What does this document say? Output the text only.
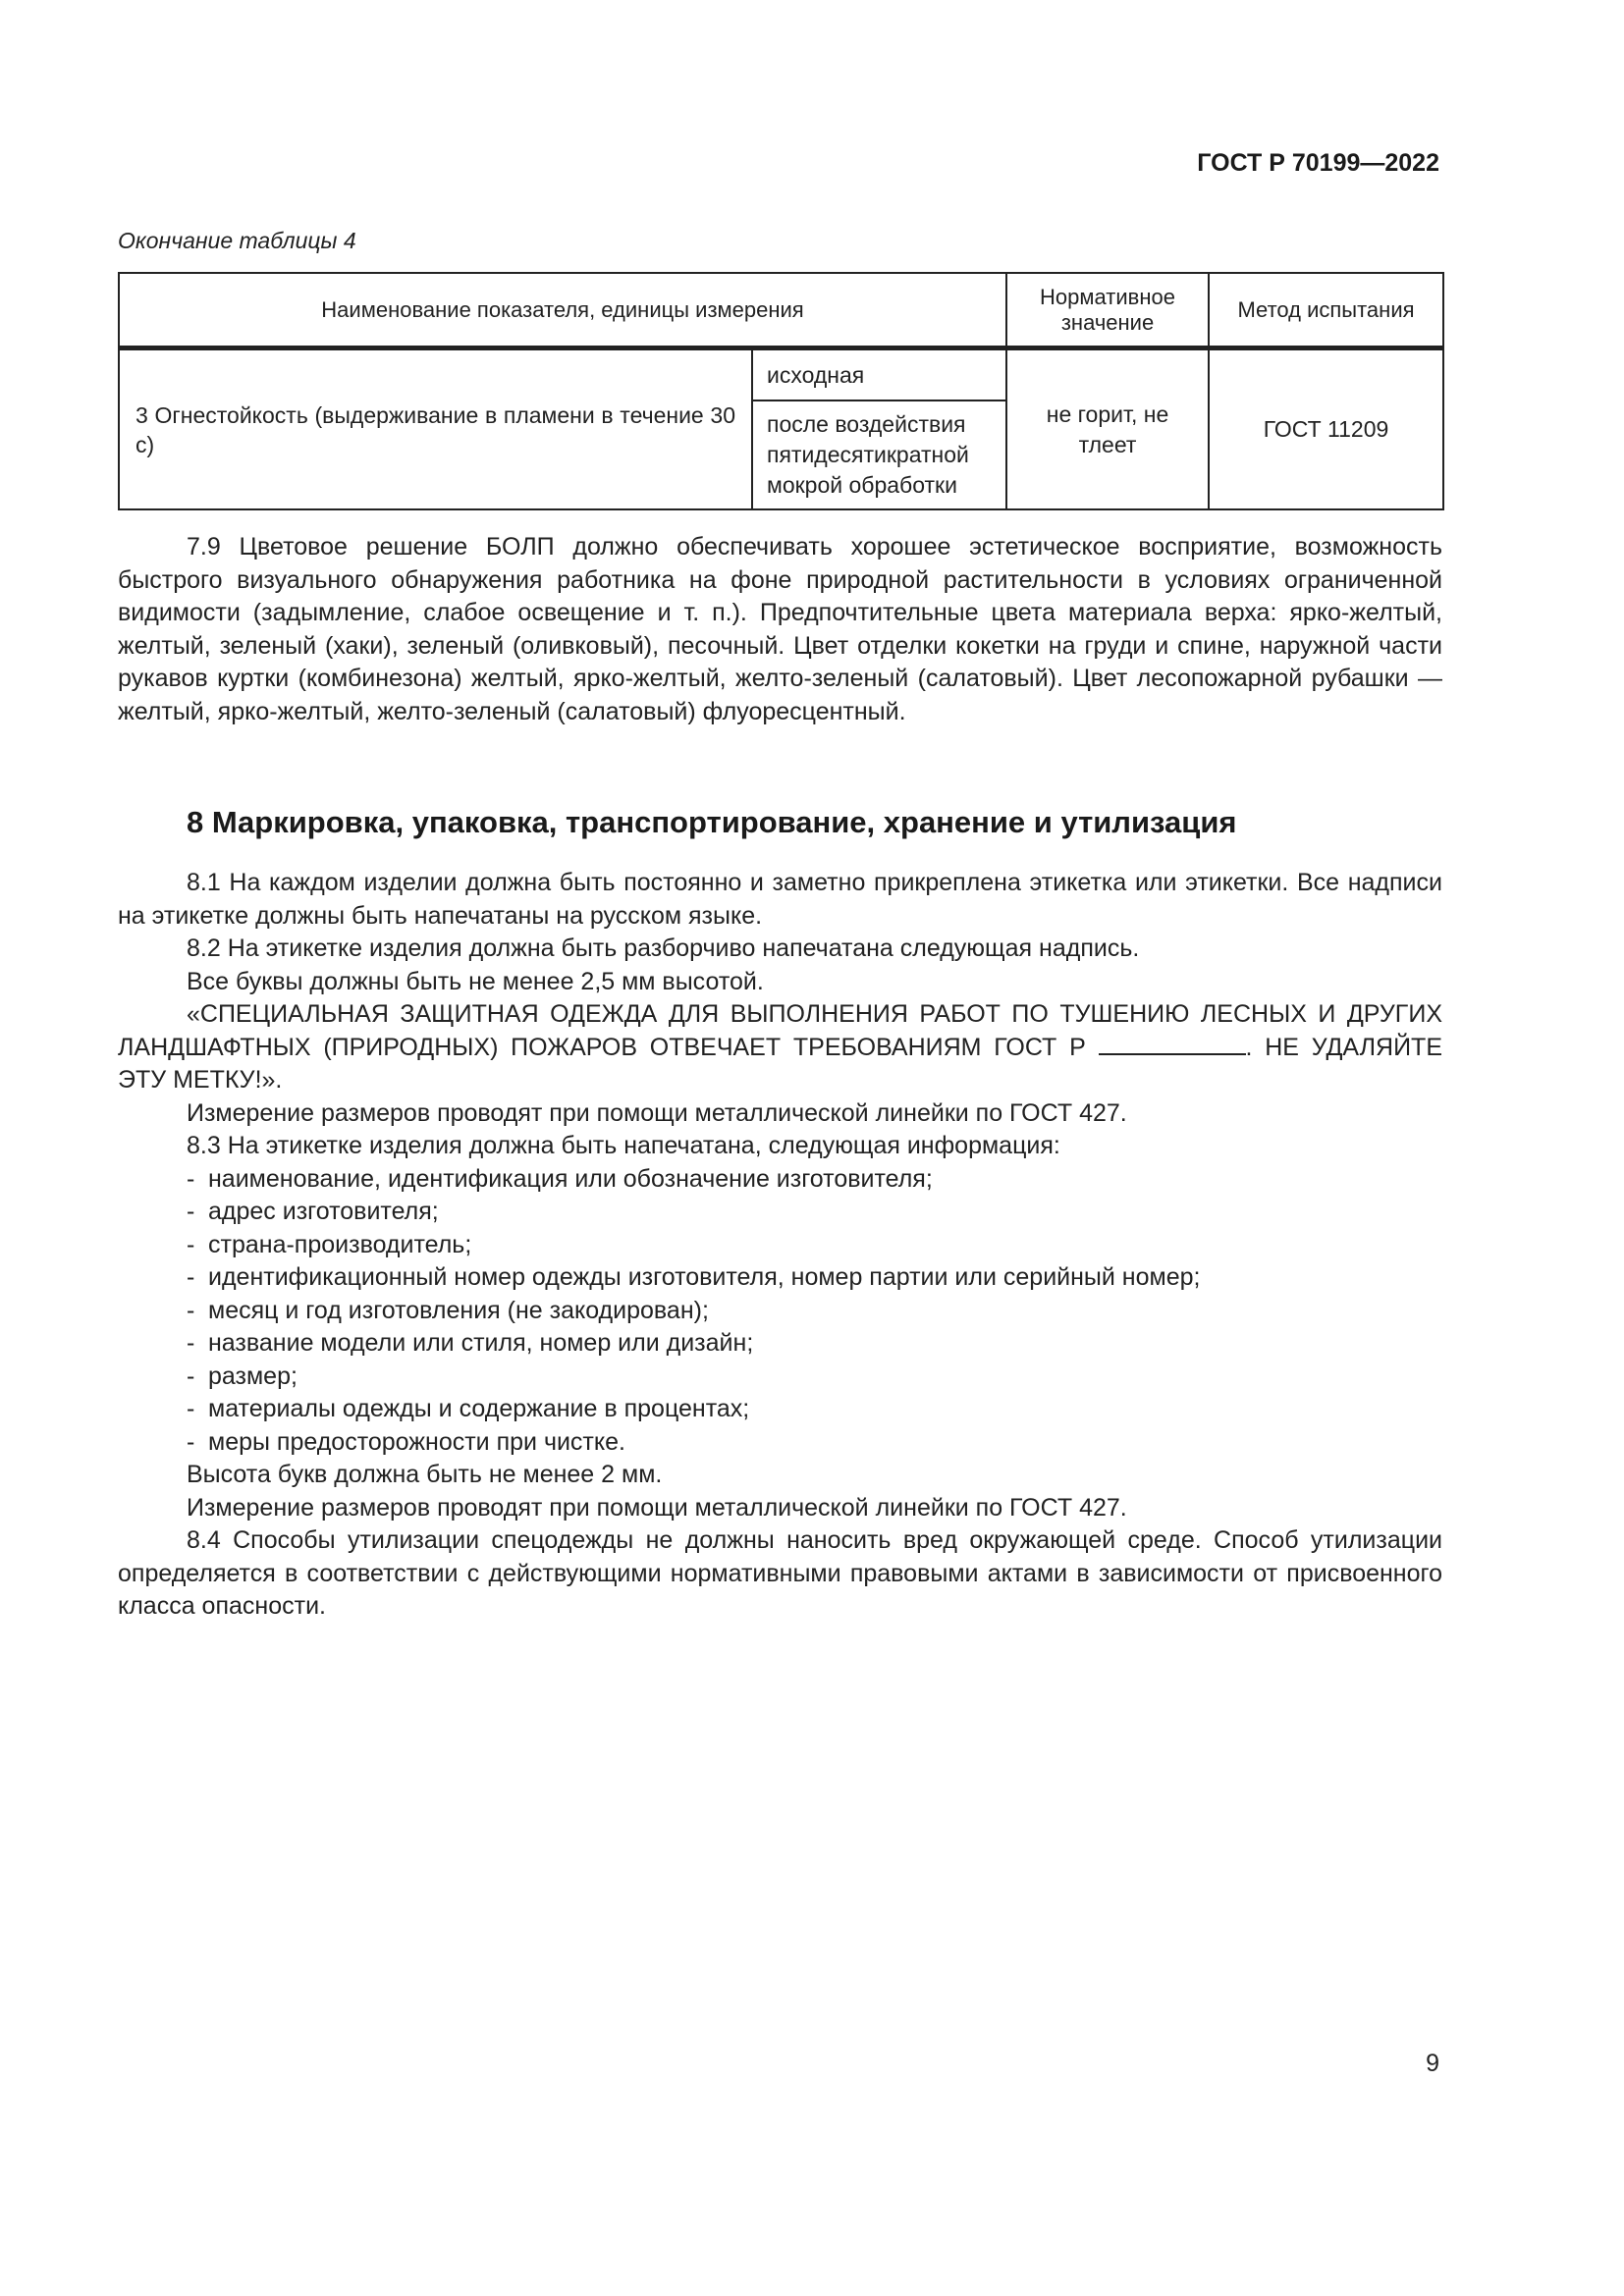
ГОСТ Р 70199—2022
Окончание таблицы 4
Наименование показателя, единицы измерения		Нормативное значение	Метод испытания
3 Огнестойкость (выдерживание в пламени в течение 30 с)	исходная	не горит, не тлеет	ГОСТ 11209
	после воздействия пятидесятикратной мокрой обработки		

7.9 Цветовое решение БОЛП должно обеспечивать хорошее эстетическое восприятие, возможность быстрого визуального обнаружения работника на фоне природной растительности в условиях ограниченной видимости (задымление, слабое освещение и т. п.). Предпочтительные цвета материала верха: ярко-желтый, желтый, зеленый (хаки), зеленый (оливковый), песочный. Цвет отделки кокетки на груди и спине, наружной части рукавов куртки (комбинезона) желтый, ярко-желтый, желто-зеленый (салатовый). Цвет лесопожарной рубашки — желтый, ярко-желтый, желто-зеленый (салатовый) флуоресцентный.

8 Маркировка, упаковка, транспортирование, хранение и утилизация

8.1 На каждом изделии должна быть постоянно и заметно прикреплена этикетка или этикетки. Все надписи на этикетке должны быть напечатаны на русском языке.

8.2 На этикетке изделия должна быть разборчиво напечатана следующая надпись.

Все буквы должны быть не менее 2,5 мм высотой.

«СПЕЦИАЛЬНАЯ ЗАЩИТНАЯ ОДЕЖДА ДЛЯ ВЫПОЛНЕНИЯ РАБОТ ПО ТУШЕНИЮ ЛЕСНЫХ И ДРУГИХ ЛАНДШАФТНЫХ (ПРИРОДНЫХ) ПОЖАРОВ ОТВЕЧАЕТ ТРЕБОВАНИЯМ ГОСТ Р	. НЕ УДАЛЯЙТЕ ЭТУ МЕТКУ!».

Измерение размеров проводят при помощи металлической линейки по ГОСТ 427.

8.3 На этикетке изделия должна быть напечатана, следующая информация:

- наименование, идентификация или обозначение изготовителя;

- адрес изготовителя;

- страна-производитель;

- идентификационный номер одежды изготовителя, номер партии или серийный номер;

- месяц и год изготовления (не закодирован);

- название модели или стиля, номер или дизайн;

- размер;

- материалы одежды и содержание в процентах;

- меры предосторожности при чистке.

Высота букв должна быть не менее 2 мм.

Измерение размеров проводят при помощи металлической линейки по ГОСТ 427.

8.4 Способы утилизации спецодежды не должны наносить вред окружающей среде. Способ утилизации определяется в соответствии с действующими нормативными правовыми актами в зависимости от присвоенного класса опасности.

9
